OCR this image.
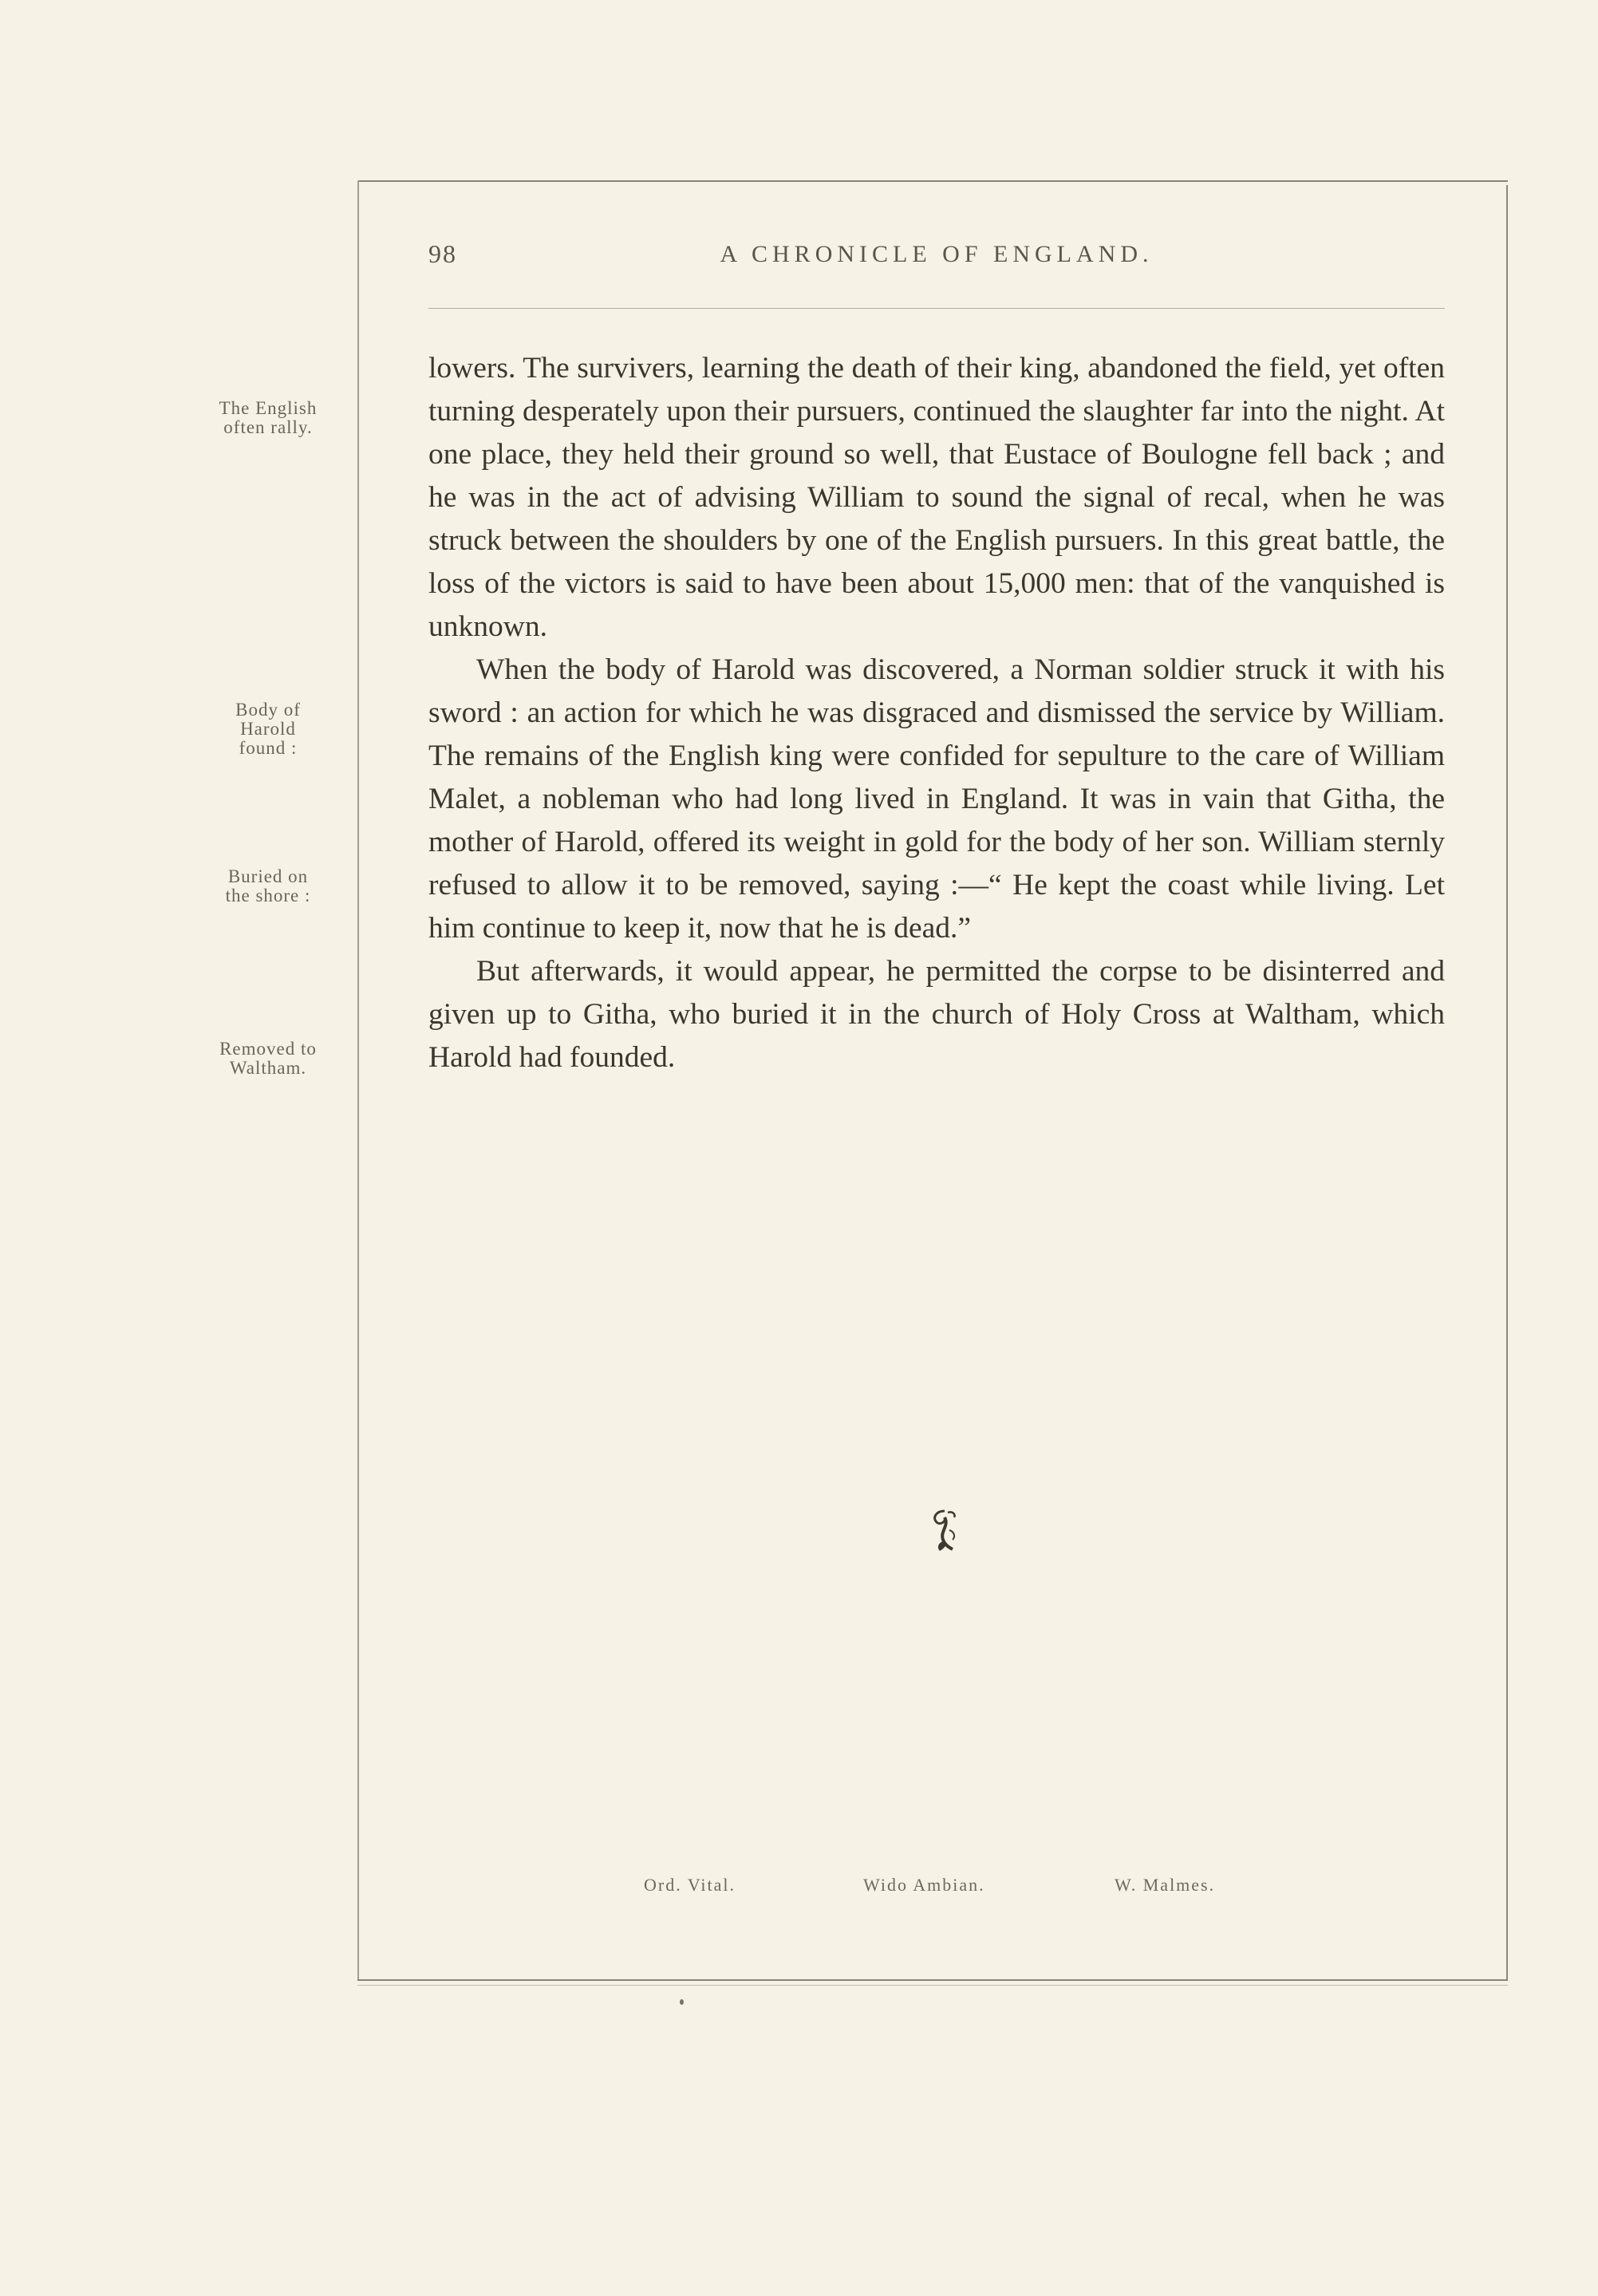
98	A CHRONICLE OF ENGLAND.
The English
often rally.
Body of
Harold
found :
Buried on
the shore :
Removed to
Waltham.

lowers. The survivers, learning the death of their king, abandoned the field, yet often turning desperately upon their pursuers, continued the slaughter far into the night. At one place, they held their ground so well, that Eustace of Boulogne fell back ; and he was in the act of advising William to sound the signal of recal, when he was struck between the shoulders by one of the English pursuers. In this great battle, the loss of the victors is said to have been about 15,000 men: that of the vanquished is unknown.

When the body of Harold was discovered, a Norman soldier struck it with his sword : an action for which he was disgraced and dismissed the service by William. The remains of the English king were confided for sepulture to the care of William Malet, a nobleman who had long lived in England. It was in vain that Githa, the mother of Harold, offered its weight in gold for the body of her son. William sternly refused to allow it to be removed, saying :—“ He kept the coast while living. Let him continue to keep it, now that he is dead.”

But afterwards, it would appear, he permitted the corpse to be disinterred and given up to Githa, who buried it in the church of Holy Cross at Waltham, which Harold had founded.

Ord. Vital.	Wido Ambian.	W. Malmes.
